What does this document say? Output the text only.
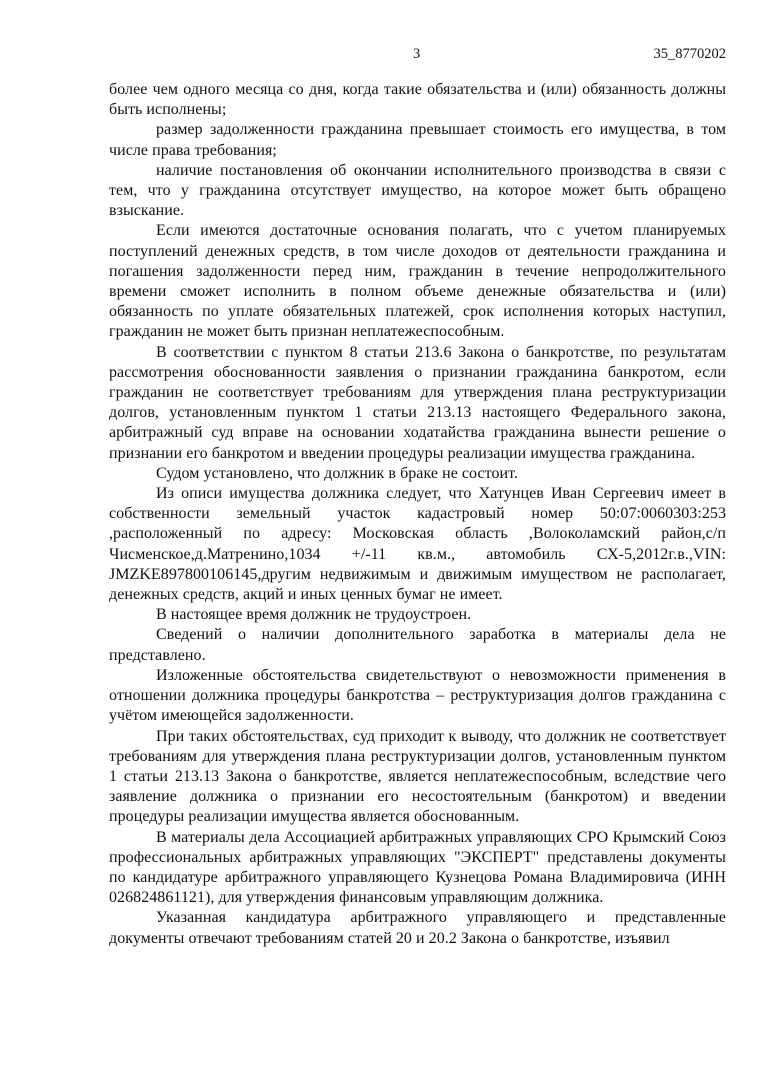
3	35_8770202

более чем одного месяца со дня, когда такие обязательства и (или) обязанность должны быть исполнены;

размер задолженности гражданина превышает стоимость его имущества, в том числе права требования;

наличие постановления об окончании исполнительного производства в связи с тем, что у гражданина отсутствует имущество, на которое может быть обращено взыскание.

Если имеются достаточные основания полагать, что с учетом планируемых поступлений денежных средств, в том числе доходов от деятельности гражданина и погашения задолженности перед ним, гражданин в течение непродолжительного времени сможет исполнить в полном объеме денежные обязательства и (или) обязанность по уплате обязательных платежей, срок исполнения которых наступил, гражданин не может быть признан неплатежеспособным.

В соответствии с пунктом 8 статьи 213.6 Закона о банкротстве, по результатам рассмотрения обоснованности заявления о признании гражданина банкротом, если гражданин не соответствует требованиям для утверждения плана реструктуризации долгов, установленным пунктом 1 статьи 213.13 настоящего Федерального закона, арбитражный суд вправе на основании ходатайства гражданина вынести решение о признании его банкротом и введении процедуры реализации имущества гражданина.

Судом установлено, что должник в браке не состоит.

Из описи имущества должника следует, что Хатунцев Иван Сергеевич имеет в собственности земельный участок кадастровый номер 50:07:0060303:253 ,расположенный по адресу: Московская область ,Волоколамский район,с/п Чисменское,д.Матренино,1034 +/-11 кв.м., автомобиль СХ-5,2012г.в.,VIN: JMZKE897800106145,другим недвижимым и движимым имуществом не располагает, денежных средств, акций и иных ценных бумаг не имеет.

В настоящее время должник не трудоустроен.

Сведений о наличии дополнительного заработка в материалы дела не представлено.

Изложенные обстоятельства свидетельствуют о невозможности применения в отношении должника процедуры банкротства – реструктуризация долгов гражданина с учётом имеющейся задолженности.

При таких обстоятельствах, суд приходит к выводу, что должник не соответствует требованиям для утверждения плана реструктуризации долгов, установленным пунктом 1 статьи 213.13 Закона о банкротстве, является неплатежеспособным, вследствие чего заявление должника о признании его несостоятельным (банкротом) и введении процедуры реализации имущества является обоснованным.

В материалы дела Ассоциацией арбитражных управляющих СРО Крымский Союз профессиональных арбитражных управляющих "ЭКСПЕРТ" представлены документы по кандидатуре арбитражного управляющего Кузнецова Романа Владимировича (ИНН 026824861121), для утверждения финансовым управляющим должника.

Указанная кандидатура арбитражного управляющего и представленные документы отвечают требованиям статей 20 и 20.2 Закона о банкротстве, изъявил
